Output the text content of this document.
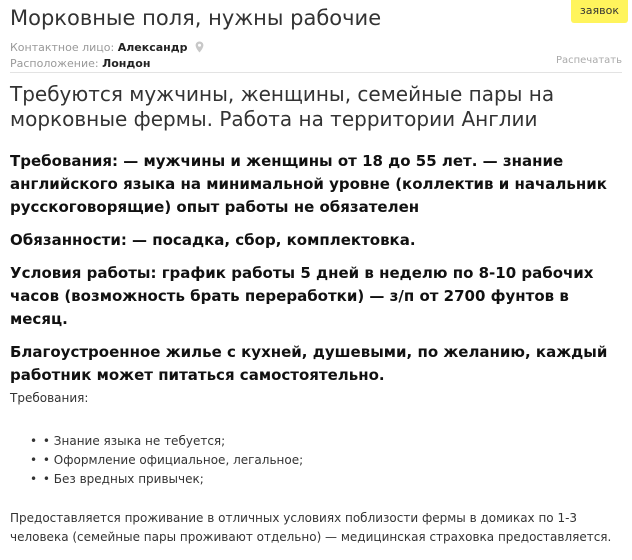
Морковные поля, нужны рабочие	заявок
Контактное лицо: Александр
Расположение: Лондон	Распечатать
Требуются мужчины, женщины, семейные пары на морковные фермы. Работа на территории Англии
Требования: — мужчины и женщины от 18 до 55 лет. — знание английского языка на минимальной уровне (коллектив и начальник русскоговорящие) опыт работы не обязателен
Обязанности: — посадка, сбор, комплектовка.
Условия работы: график работы 5 дней в неделю по 8-10 рабочих часов (возможность брать переработки) — з/п от 2700 фунтов в месяц.
Благоустроенное жилье с кухней, душевыми, по желанию, каждый работник может питаться самостоятельно.
Требования:
• • Знание языка не тебуется;
• • Оформление официальное, легальное;
• • Без вредных привычек;
Предоставляется проживание в отличных условиях поблизости фермы в домиках по 1-3 человека (семейные пары проживают отдельно) — медицинская страховка предоставляется.
